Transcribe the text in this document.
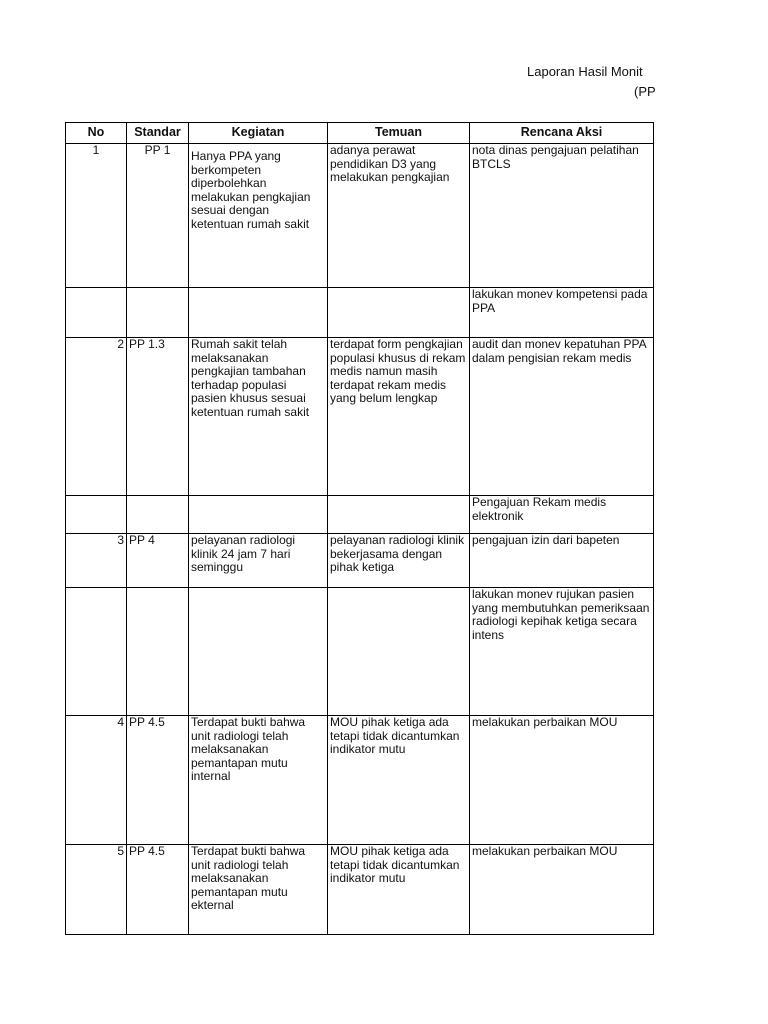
Laporan Hasil Monit
(PP
No	Standar	Kegiatan	Temuan	Rencana Aksi
1	PP 1	Hanya PPA yang berkompeten diperbolehkan melakukan pengkajian sesuai dengan ketentuan rumah sakit	adanya perawat pendidikan D3 yang melakukan pengkajian	nota dinas pengajuan pelatihan BTCLS
				lakukan monev kompetensi pada PPA
2	PP 1.3	Rumah sakit telah melaksanakan pengkajian tambahan terhadap populasi pasien khusus sesuai ketentuan rumah sakit	terdapat form pengkajian populasi khusus di rekam medis namun masih terdapat rekam medis yang belum lengkap	audit dan monev kepatuhan PPA dalam pengisian rekam medis
				Pengajuan Rekam medis elektronik
3	PP 4	pelayanan radiologi klinik 24 jam 7 hari seminggu	pelayanan radiologi klinik bekerjasama dengan pihak ketiga	pengajuan izin dari bapeten
				lakukan monev rujukan pasien yang membutuhkan pemeriksaan radiologi kepihak ketiga secara intens
4	PP 4.5	Terdapat bukti bahwa unit radiologi telah melaksanakan pemantapan mutu internal	MOU pihak ketiga ada tetapi tidak dicantumkan indikator mutu	melakukan perbaikan MOU
5	PP 4.5	Terdapat bukti bahwa unit radiologi telah melaksanakan pemantapan mutu ekternal	MOU pihak ketiga ada tetapi tidak dicantumkan indikator mutu	melakukan perbaikan MOU
